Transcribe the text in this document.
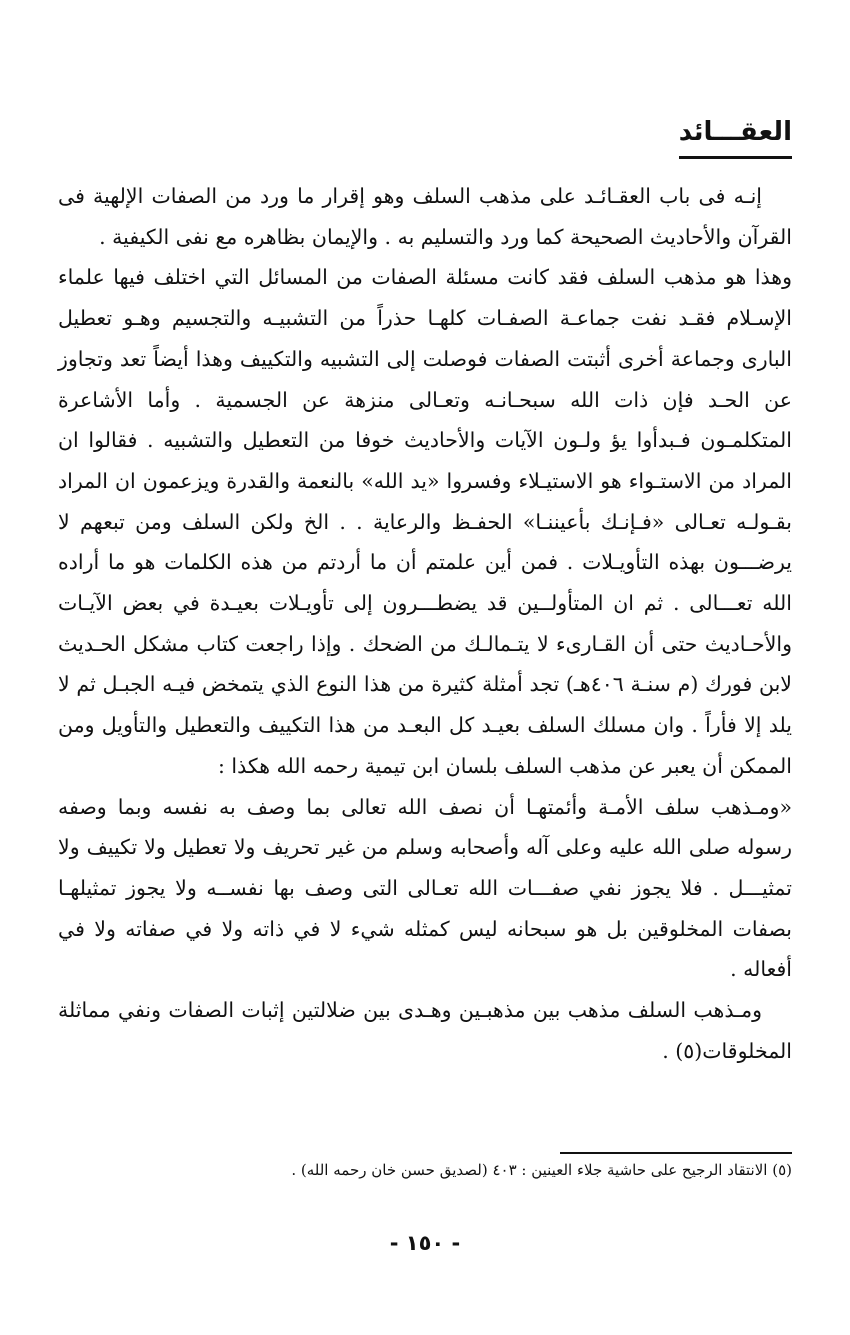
العقـــائد

إنـه فى باب العقـائـد على مذهب السلف وهو إقرار ما ورد من الصفات الإلهية فى القرآن والأحاديث الصحيحة كما ورد والتسليم به . والإيمان بظاهره مع نفى الكيفية .

وهذا هو مذهب السلف فقد كانت مسئلة الصفات من المسائل التي اختلف فيها علماء الإسـلام فقـد نفت جماعـة الصفـات كلهـا حذراً من التشبيـه والتجسيم وهـو تعطيل البارى وجماعة أخرى أثبتت الصفات فوصلت إلى التشبيه والتكييف وهذا أيضاً تعد وتجاوز عن الحـد فإن ذات الله سبحـانـه وتعـالى منزهة عن الجسمية . وأما الأشاعرة المتكلمـون فـبدأوا يؤ ولـون الآيات والأحاديث خوفا من التعطيل والتشبيه . فقالوا ان المراد من الاستـواء هو الاستيـلاء وفسروا «يد الله» بالنعمة والقدرة ويزعمون ان المراد بقـولـه تعـالى «فـإنـك بأعيننـا» الحفـظ والرعاية . . الخ ولكن السلف ومن تبعهم لا يرضـــون بهذه التأويـلات . فمن أين علمتم أن ما أردتم من هذه الكلمات هو ما أراده الله تعـــالى . ثم ان المتأولــين قد يضطـــرون إلى تأويـلات بعيـدة في بعض الآيـات والأحـاديث حتى أن القـارىء لا يتـمالـك من الضحك . وإذا راجعت كتاب مشكل الحـديث لابن فورك (م سنـة ٤٠٦هـ) تجد أمثلة كثيرة من هذا النوع الذي يتمخض فيـه الجبـل ثم لا يلد إلا فأراً . وان مسلك السلف بعيـد كل البعـد من هذا التكييف والتعطيل والتأويل ومن الممكن أن يعبر عن مذهب السلف بلسان ابن تيمية رحمه الله هكذا :

«ومـذهب سلف الأمـة وأئمتهـا أن نصف الله تعالى بما وصف به نفسه وبما وصفه رسوله صلى الله عليه وعلى آله وأصحابه وسلم من غير تحريف ولا تعطيل ولا تكييف ولا تمثيـــل . فلا يجوز نفي صفـــات الله تعـالى التى وصف بها نفســه ولا يجوز تمثيلهـا بصفات المخلوقين بل هو سبحانه ليس كمثله شيء لا في ذاته ولا في صفاته ولا في أفعاله .

ومـذهب السلف مذهب بين مذهبـين وهـدى بين ضلالتين إثبات الصفات ونفي مماثلة المخلوقات(٥) .

(٥) الانتقاد الرجيح على حاشية جلاء العينين : ٤٠٣ (لصديق حسن خان رحمه الله) .
- ١٥٠ -
